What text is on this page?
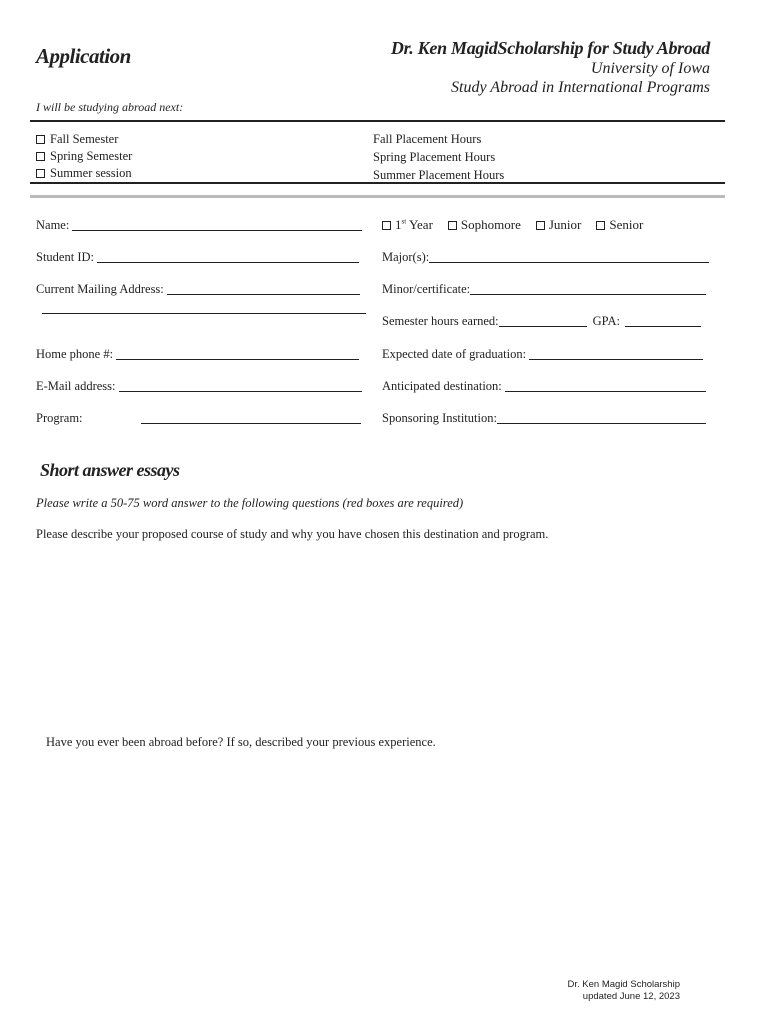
Application	Dr. Ken MagidScholarship for Study Abroad
University of Iowa
Study Abroad in International Programs
I will be studying abroad next:
Fall Semester
Spring Semester
Summer session
Fall Placement Hours
Spring Placement Hours
Summer Placement Hours
Name:
Student ID:
Current Mailing Address:
Home phone #:
E-Mail address:
Program:
1st Year Sophomore Junior Senior
Major(s):
Minor/certificate:
Semester hours earned:	GPA:
Expected date of graduation:
Anticipated destination:
Sponsoring Institution:
Short answer essays
Please write a 50-75 word answer to the following questions (red boxes are required)
Please describe your proposed course of study and why you have chosen this destination and program.
Have you ever been abroad before? If so, described your previous experience.
Dr. Ken Magid Scholarship
updated June 12, 2023
